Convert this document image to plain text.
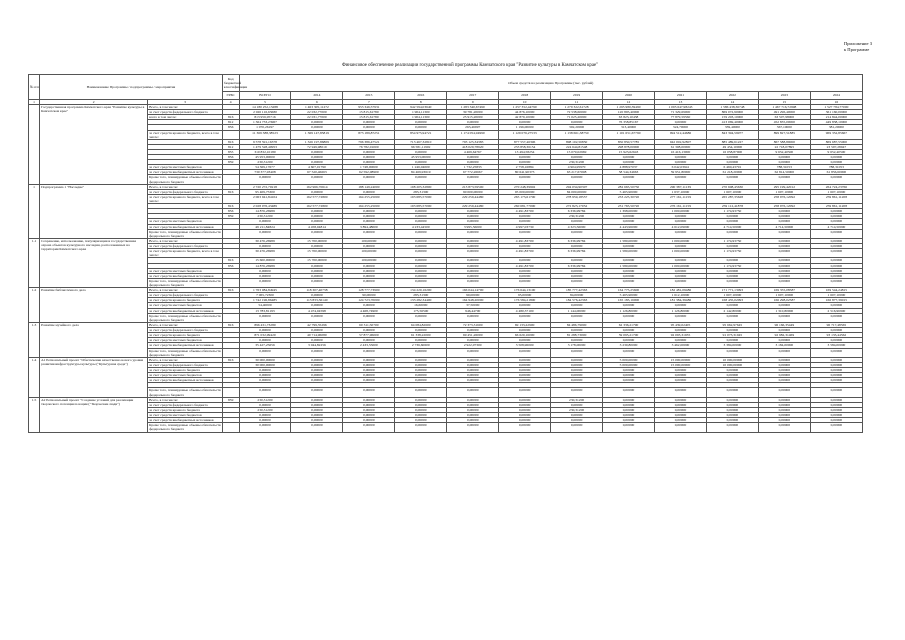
Приложение 3
к Программе
Финансовое обеспечение реализации государственной программы Камчатского края "Развитие культуры в Камчатском крае"
№ п/п	Наименование Программы / подпрограммы / мероприятия		Код бюджетной классификации	Объем средств на реализацию Программы (тыс. рублей)											
			ГРБС	ВСЕГО	2014	2015	2016	2017	2018	2019	2020	2021	2022	2023	2024
1	2	3	4	5	6	7	8	9	10	11	12	13	14	15	16
	Государственная программа Камчатского края "Развитие культуры в Камчатском крае"	Всего, в том числе:		14 180 252,13288	1 463 305,11272	953 346,57931	942 594,03640	1 283 340,67490	1 257 352,44790	1 279 322,61728	1 295 980,39490	1 095 647,98243	1 586 438,36748	1 467 716,72998	1 527 784,77000
		за счет средств федерального бюджета		2 026 116,63680	22 032,77000	15 815,61780	1 904,11300	39 781,20000	44 876,10000	72 538,60000	120 895,40000	71 329,69000	869 072,90000	491 296,40000	361 160,00000
		всего в том числе:	816	813 956,95716	22 031,77000	15 815,61780	1 904,11300	25 915,20000	42 879,10000	71 025,20000	63 823,10438	77 879,59560	159 203,10000	63 507,98000	214 844,00000
			812	1 364 733,23967	0,00000	0,00000	0,00000	0,00000	0,00000	0,00000	76 358,85167	0,00000	413 069,40000	452 835,00000	449 838,10000
			856	1 070,26197	0,00000	0,00000	0,00000	263,46997	1 196,00000	302,20000	313,40000	324,70000	339,40000	367,10000	381,20000
		за счет средств краевого бюджета, всего в том числе:		11 369 388,38523	1 369 147,85819	873 189,87251	854 975,94721	1 174 054,94990	1 129 076,27533	1 138 661,38750	1 101 651,67790	994 512,44686	843 394,59977	899 827,51885	969 352,85667
			816	9 578 591,16378	1 326 197,86809	796 386,47521	713 467,32810	793 125,34383	877 557,46396	898 102,56850	850 850,57785	942 002,92807	885 489,61227	867 588,89000	869 687,55000
			812	1 479 528,40953	72 949,98019	76 782,01000	96 581,11902	418 029,78920	233 858,36154	224 644,81548	298 878,00000	61 308,00000	49 454,10000	22 718,07895	23 597,28947
			855	310 832,10180	0,00000	0,00000	0,00000	4 469,64767	13 494,58254	15 079,02969	15 923,62643	16 416,13000	16 058,87900	9 652,40500	9 652,40500
			856	45 953,00000	0,00000	0,00000	45 953,00000	0,00000	0,00000	0,00000	0,00000	0,00000	0,00000	0,00000	0,00000
			859	230,31200	0,00000	0,00000	0,00000	0,00000	0,00000	230,31200	0,00000	0,00000	0,00000	0,00000	0,00000
		за счет средств местных бюджетов		54 369,17677	4 607,01790	1 748,00000	1 246,04000	1 732,25833	2 758,16884	4 904,95970	4 888,97037	6 042,03941	6 460,43791	788,31053	788,31053
		за счет средств внебюджетных источников		730 377,93408	67 520,46663	62 592,08900	84 469,93619	67 772,26667	80 641,90373	63 217,67008	58 544,34663	59 951,80000	61 218,20000	62 814,50000	61 856,60000
		Кроме того, планируемые объемы обязательств федерального бюджета		0,00000	0,00000	0,00000	0,00000	0,00000	0,00000	0,00000	0,00000	0,00000	0,00000	0,00000	0,00000
1	Подпрограмма 1 "Наследие"	Всего, в том числе:		2 720 272,70218	162 966,70614	188 149,24000	198 205,32800	213 873,59500	270 248,39902	294 034,90307	282 665,50750	290 387,11139	270 608,45630	295 199,42012	264 724,23766
		за счет средств федерального бюджета	816	95 409,75300	0,00000	0,00000	283,31300	90 000,00000	95 000,00000	84 000,00000	5 465,90000	1 637,10000	1 607,10000	1 607,10000	1 607,10000
		за счет средств краевого бюджета, всего в том числе:		2 063 941,84104	162 577,72800	164 255,25000	193 685,57000	229 259,44480	265 173,61700	278 959,18557	233 225,30720	277 161,11159	265 287,35628	258 976,12092	259 861,11208
			816	2 028 076,43489	162 577,72800	164 255,25000	193 685,57000	229 259,44480	260 681,77000	272 823,17052	231 765,50720	276 161,11159	259 112,41878	258 976,12092	259 861,11208
			856	14 876,26989	0,00000	0,00000	0,00000	0,00000	4 491,83700	6 336,99784	1 398,00000	1 000,00000	1 174,93750	0,00000	0,00000
			859	230,31200	0,00000	0,00000	0,00000	0,00000	0,00000	230,31200	0,00000	0,00000	0,00000	0,00000	0,00000
		за счет средств местных бюджетов		0,00000	0,00000	0,00000	0,00000	0,00000	0,00000	0,00000	0,00000	0,00000	0,00000	0,00000	0,00000
		за счет средств внебюджетных источников		49 211,84824	4 458,04814	3 894,48000	4 233,44500	3 995,56000	4 997,03730	4 323,56000	4 443,96000	4 612,09000	4 714,50000	4 714,50000	4 714,50000
		Кроме того, планируемые объемы обязательств федерального бюджета		0,00000	0,00000	0,00000	0,00000	0,00000	0,00000	0,00000	0,00000	0,00000	0,00000	0,00000	0,00000
1.1	Сохранение, использование, популяризация и государственная охрана объектов культурного наследия, расположенных на территории Камчатского края	Всего, в том числе:		30 476,26989	15 700,00000	100,00000	0,00000	0,00000	4 491,83700	6 336,99784	1 580,00000	1 000,00000	1 174,93750	0,00000	0,00000
		за счет средств федерального бюджета		0,00000	0,00000	0,00000	0,00000	0,00000	0,00000	0,00000	0,00000	0,00000	0,00000	0,00000	0,00000
		за счет средств краевого бюджета, всего в том числе:		30 476,26989	15 700,00000	100,00000	0,00000	0,00000	4 491,83700	6 336,99784	1 580,00000	1 000,00000	1 174,93750	0,00000	0,00000
			816	15 600,00000	15 700,00000	100,00000	0,00000	0,00000	0,00000	0,00000	0,00000	0,00000	0,00000	0,00000	0,00000
			856	14 876,26989	0,00000	0,00000	0,00000	0,00000	4 491,83700	6 336,99784	1 580,00000	1 000,00000	1 174,93750	0,00000	0,00000
		за счет средств местных бюджетов		0,00000	0,00000	0,00000	0,00000	0,00000	0,00000	0,00000	0,00000	0,00000	0,00000	0,00000	0,00000
		за счет средств внебюджетных источников		0,00000	0,00000	0,00000	0,00000	0,00000	0,00000	0,00000	0,00000	0,00000	0,00000	0,00000	0,00000
		Кроме того, планируемые объемы обязательств федерального бюджета		0,00000	0,00000	0,00000	0,00000	0,00000	0,00000	0,00000	0,00000	0,00000	0,00000	0,00000	0,00000
1.2	Развитие библиотечного дела	Всего, в том числе:	816	1 763 084,84945	118 307,40738	128 777,73900	134 220,16200	166 044,14700	176 644,13100	185 777,42363	164 775,25600	182 481,09486	171 771,13093	169 355,08587	169 544,24815
		за счет средств федерального бюджета		7 065,72300	0,00000	90,00000	283,31300	90,00000	95,00000	84,00000	5 465,90000	1 612,10000	1 607,10000	1 607,10000	1 607,10000
		за счет средств краевого бюджета		1 742 196,86485	113 833,36140	124 723,70000	133 282,34400	164 948,20000	176 584,21800	184 576,42363	165 183,16000	181 384,39486	168 435,02093	166 298,02587	166 877,39015
		за счет средств местных бюджетов		54,40000	0,00000	0,00000	16,60000	37,50000	0,00000	0,00000	0,00000	0,00000	0,00000	0,00000	0,00000
		за счет средств внебюджетных источников		13 783,81193	4 474,04598	4 468,74900	175,56500	946,44700	4 480,37100	1 144,00000	1 126,80000	1 126,80000	2 142,80000	1 310,80000	2 516,96900
		Кроме того, планируемые объемы обязательств федерального бюджета		0,00000	0,00000	0,00000	0,00000	0,00000	0,00000	0,00000	0,00000	0,00000	0,00000	0,00000	0,00000
1.3	Развитие музейного дела	Всего, в том числе:	816	896 431,73280	42 799,35296	60 311,50700	64 084,82600	72 373,31600	69 133,22900	84 486,79000	62 336,21790	95 439,02405	95 662,97645	96 166,35449	96 717,48565
		за счет средств федерального бюджета		0,00000	0,00000	0,00000	0,00000	0,00000	0,00000	0,00000	0,00000	0,00000	0,00000	0,00000	0,00000
		за счет средств краевого бюджета		871 032,99420	40 714,96080	57 877,96000	61 338,22000	69 451,26000	66 620,16000	81 288,73000	59 095,21700	92 093,31935	91 073,31945	92 982,31469	93 133,44562
		за счет средств местных бюджетов		0,00000	0,00000	0,00000	0,00000	0,00000	0,00000	0,00000	0,00000	0,00000	0,00000	0,00000	0,00000
		за счет средств внебюджетных источников		35 427,25656	3 044,82256	2 433,55000	2 736,60600	2 922,07300	3 508,96000	3 178,00000	3 230,80000	3 462,00000	3 384,00000	3 184,00000	3 584,00000
		Кроме того, планируемые объемы обязательств федерального бюджета		0,00000	0,00000	0,00000	0,00000	0,00000	0,00000	0,00000	0,00000	0,00000	0,00000	0,00000	0,00000
1.4	А1 Региональный проект "Обеспечение качественно нового уровня развития инфраструктуры культуры ("Культурная среда")	Всего, в том числе:	816	30 000,00000	0,00000	0,00000	0,00000	0,00000	0,00000	0,00000	5 000,00000	15 000,00000	10 000,00000	0,00000	0,00000
		за счет средств федерального бюджета		30 000,00000	0,00000	0,00000	0,00000	0,00000	0,00000	0,00000	5 000,00000	15 000,00000	10 000,00000	0,00000	0,00000
		за счет средств краевого бюджета		0,00000	0,00000	0,00000	0,00000	0,00000	0,00000	0,00000	0,00000	0,00000	0,00000	0,00000	0,00000
		за счет средств местных бюджетов		0,00000	0,00000	0,00000	0,00000	0,00000	0,00000	0,00000	0,00000	0,00000	0,00000	0,00000	0,00000
		за счет средств внебюджетных источников		0,00000	0,00000	0,00000	0,00000	0,00000	0,00000	0,00000	0,00000	0,00000	0,00000	0,00000	0,00000

		Кроме того, планируемые объемы обязательств федерального бюджета		0,00000	0,00000	0,00000	0,00000	0,00000	0,00000	0,00000	0,00000	0,00000	0,00000	0,00000	0,00000
1.5	А2 Региональный проект "Создание условий для реализации творческого потенциала нации ("Творческие люди")	Всего, в том числе:	859	230,31200	0,00000	0,00000	0,00000	0,00000	0,00000	230,31200	0,00000	0,00000	0,00000	0,00000	0,00000
		за счет средств федерального бюджета		0,00000	0,00000	0,00000	0,00000	0,00000	0,00000	0,00000	0,00000	0,00000	0,00000	0,00000	0,00000
		за счет средств краевого бюджета		230,31200	0,00000	0,00000	0,00000	0,00000	0,00000	230,31200	0,00000	0,00000	0,00000	0,00000	0,00000
		за счет средств местных бюджетов		0,00000	0,00000	0,00000	0,00000	0,00000	0,00000	0,00000	0,00000	0,00000	0,00000	0,00000	0,00000
		за счет средств внебюджетных источников		0,00000	0,00000	0,00000	0,00000	0,00000	0,00000	0,00000	0,00000	0,00000	0,00000	0,00000	0,00000
		Кроме того, планируемые объемы обязательств федерального бюджета		0,00000	0,00000	0,00000	0,00000	0,00000	0,00000	0,00000	0,00000	0,00000	0,00000	0,00000	0,00000
